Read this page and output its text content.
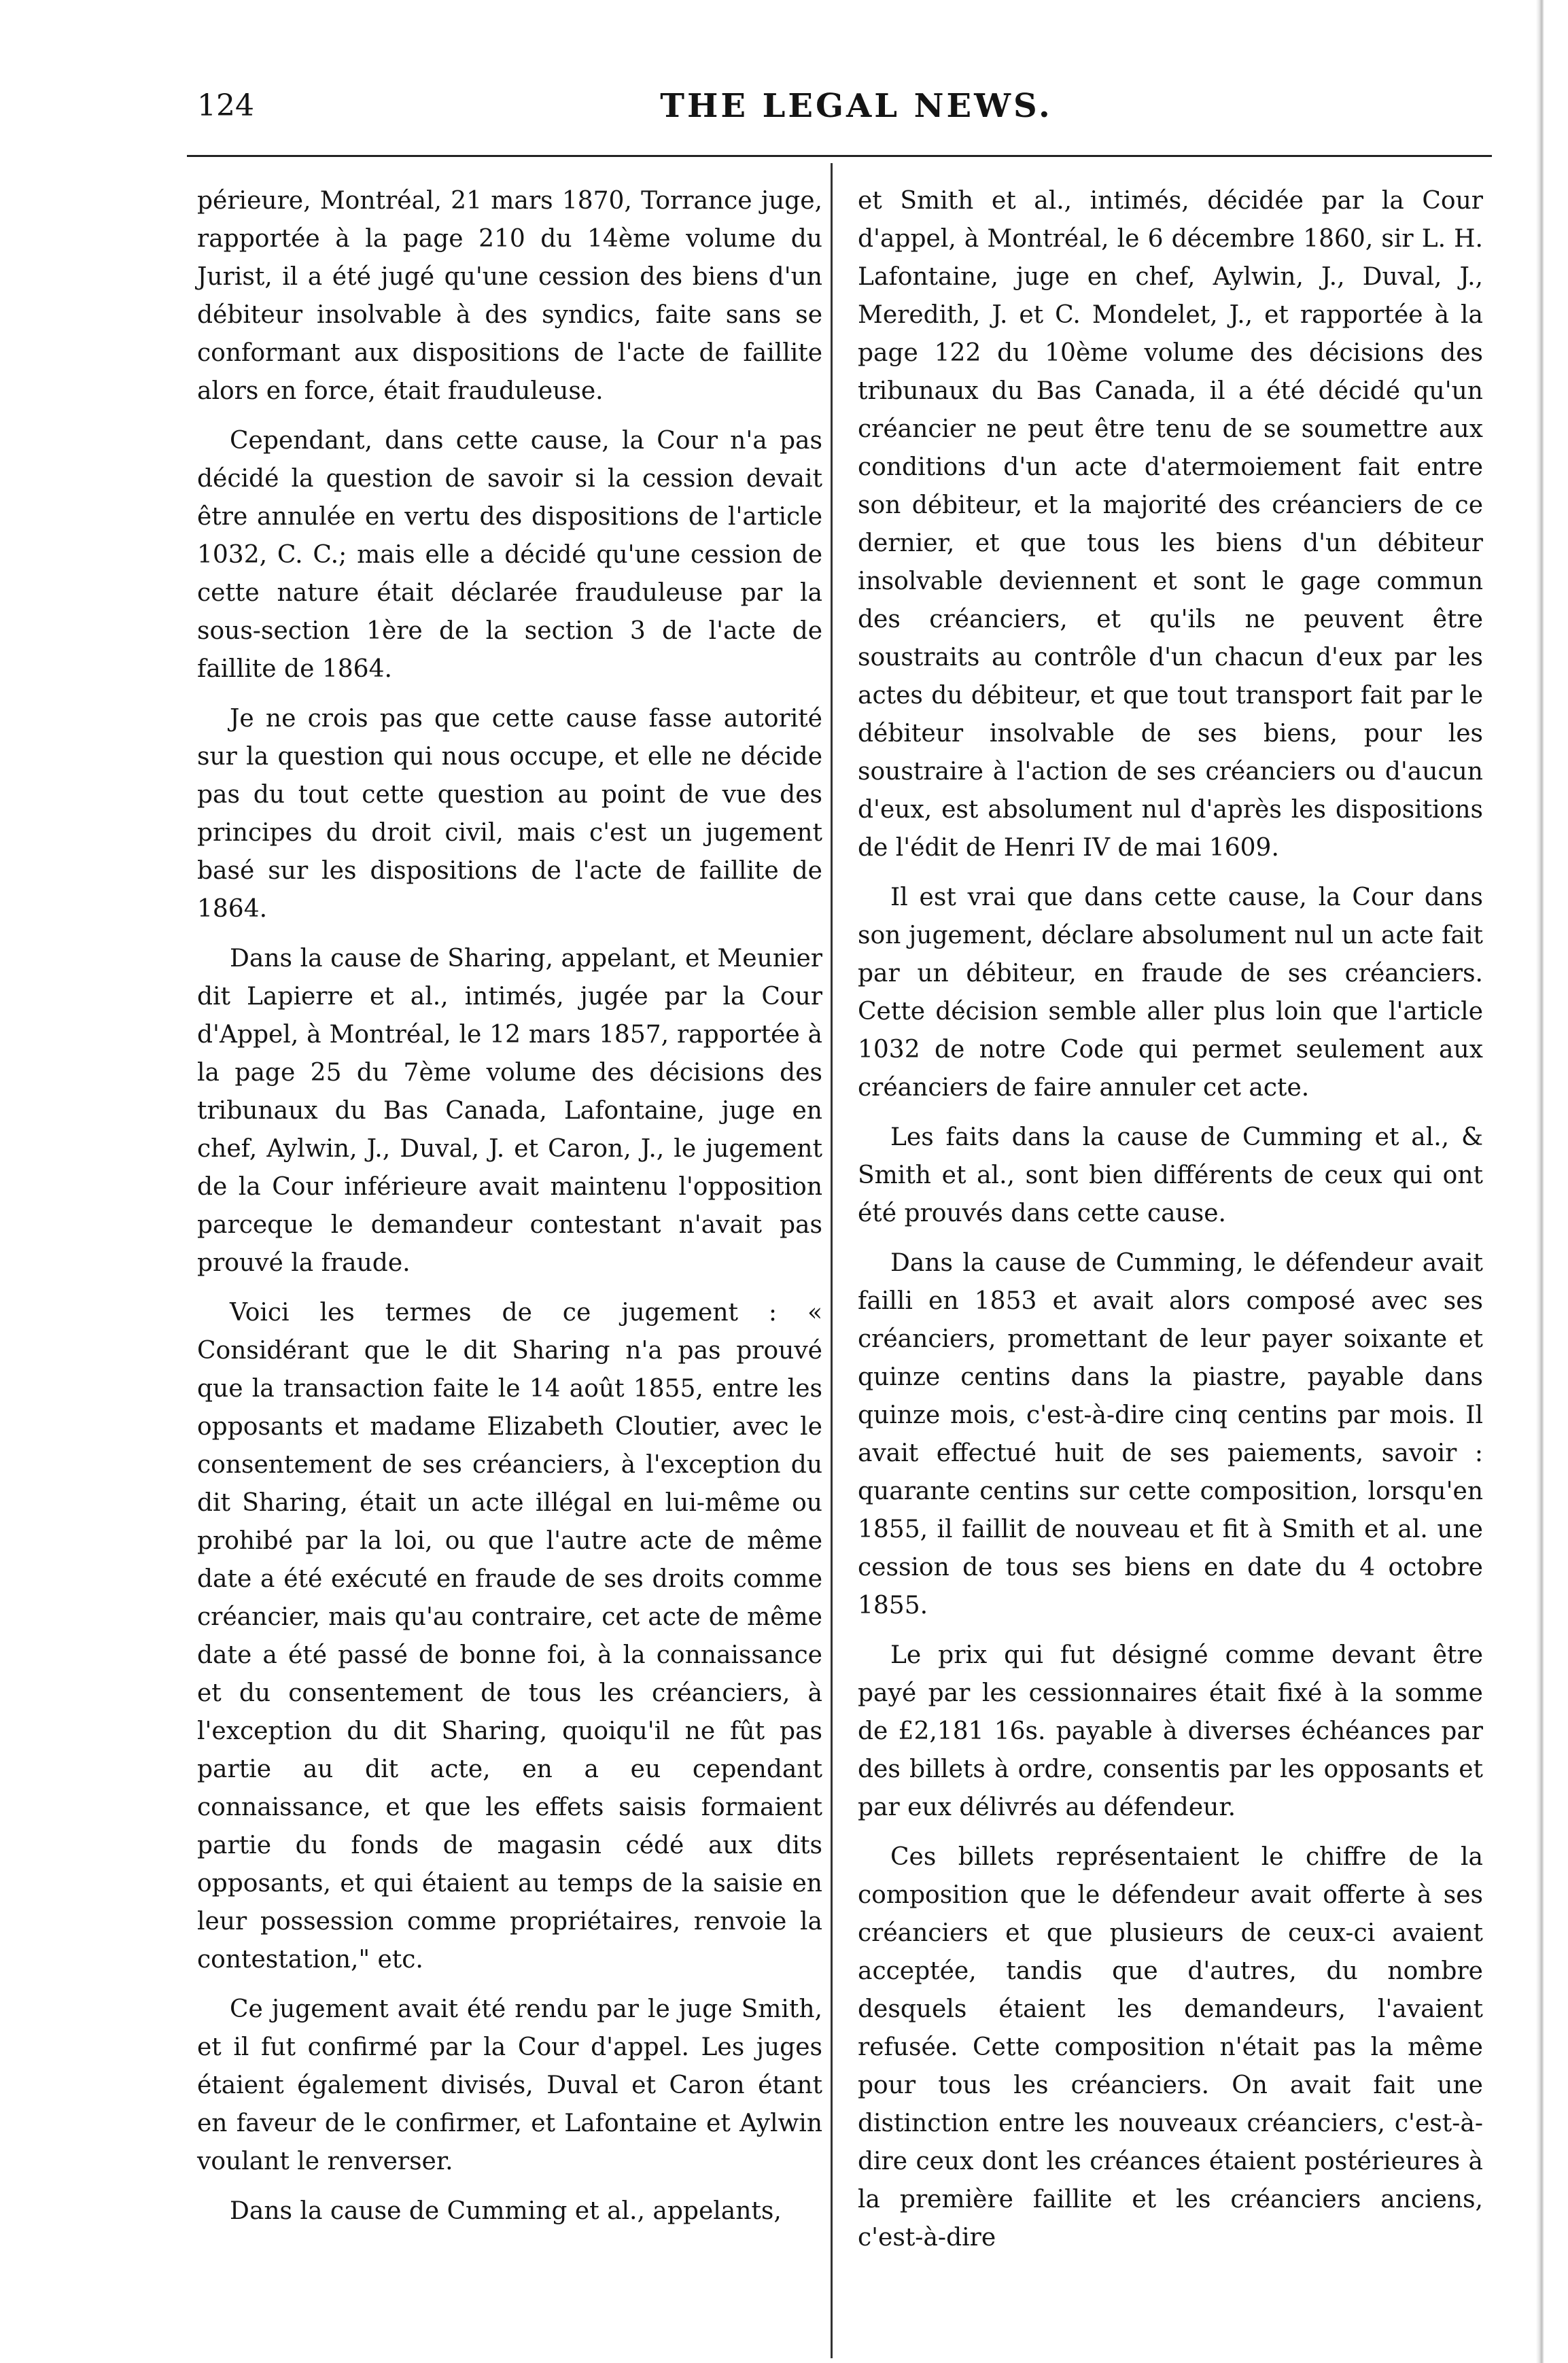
124	THE LEGAL NEWS.

périeure, Montréal, 21 mars 1870, Torrance juge, rapportée à la page 210 du 14ème volume du Jurist, il a été jugé qu'une cession des biens d'un débiteur insolvable à des syndics, faite sans se conformant aux dispositions de l'acte de faillite alors en force, était frauduleuse.

Cependant, dans cette cause, la Cour n'a pas décidé la question de savoir si la cession devait être annulée en vertu des dispositions de l'article 1032, C. C.; mais elle a décidé qu'une cession de cette nature était déclarée frauduleuse par la sous-section 1ère de la section 3 de l'acte de faillite de 1864.

Je ne crois pas que cette cause fasse autorité sur la question qui nous occupe, et elle ne décide pas du tout cette question au point de vue des principes du droit civil, mais c'est un jugement basé sur les dispositions de l'acte de faillite de 1864.

Dans la cause de Sharing, appelant, et Meunier dit Lapierre et al., intimés, jugée par la Cour d'Appel, à Montréal, le 12 mars 1857, rapportée à la page 25 du 7ème volume des décisions des tribunaux du Bas Canada, Lafontaine, juge en chef, Aylwin, J., Duval, J. et Caron, J., le jugement de la Cour inférieure avait maintenu l'opposition parceque le demandeur contestant n'avait pas prouvé la fraude.

Voici les termes de ce jugement : « Considérant que le dit Sharing n'a pas prouvé que la transaction faite le 14 août 1855, entre les opposants et madame Elizabeth Cloutier, avec le consentement de ses créanciers, à l'exception du dit Sharing, était un acte illégal en lui-même ou prohibé par la loi, ou que l'autre acte de même date a été exécuté en fraude de ses droits comme créancier, mais qu'au contraire, cet acte de même date a été passé de bonne foi, à la connaissance et du consentement de tous les créanciers, à l'exception du dit Sharing, quoiqu'il ne fût pas partie au dit acte, en a eu cependant connaissance, et que les effets saisis formaient partie du fonds de magasin cédé aux dits opposants, et qui étaient au temps de la saisie en leur possession comme propriétaires, renvoie la contestation," etc.

Ce jugement avait été rendu par le juge Smith, et il fut confirmé par la Cour d'appel. Les juges étaient également divisés, Duval et Caron étant en faveur de le confirmer, et Lafontaine et Aylwin voulant le renverser.

Dans la cause de Cumming et al., appelants,

et Smith et al., intimés, décidée par la Cour d'appel, à Montréal, le 6 décembre 1860, sir L. H. Lafontaine, juge en chef, Aylwin, J., Duval, J., Meredith, J. et C. Mondelet, J., et rapportée à la page 122 du 10ème volume des décisions des tribunaux du Bas Canada, il a été décidé qu'un créancier ne peut être tenu de se soumettre aux conditions d'un acte d'atermoiement fait entre son débiteur, et la majorité des créanciers de ce dernier, et que tous les biens d'un débiteur insolvable deviennent et sont le gage commun des créanciers, et qu'ils ne peuvent être soustraits au contrôle d'un chacun d'eux par les actes du débiteur, et que tout transport fait par le débiteur insolvable de ses biens, pour les soustraire à l'action de ses créanciers ou d'aucun d'eux, est absolument nul d'après les dispositions de l'édit de Henri IV de mai 1609.

Il est vrai que dans cette cause, la Cour dans son jugement, déclare absolument nul un acte fait par un débiteur, en fraude de ses créanciers. Cette décision semble aller plus loin que l'article 1032 de notre Code qui permet seulement aux créanciers de faire annuler cet acte.

Les faits dans la cause de Cumming et al., & Smith et al., sont bien différents de ceux qui ont été prouvés dans cette cause.

Dans la cause de Cumming, le défendeur avait failli en 1853 et avait alors composé avec ses créanciers, promettant de leur payer soixante et quinze centins dans la piastre, payable dans quinze mois, c'est-à-dire cinq centins par mois. Il avait effectué huit de ses paiements, savoir : quarante centins sur cette composition, lorsqu'en 1855, il faillit de nouveau et fit à Smith et al. une cession de tous ses biens en date du 4 octobre 1855.

Le prix qui fut désigné comme devant être payé par les cessionnaires était fixé à la somme de £2,181 16s. payable à diverses échéances par des billets à ordre, consentis par les opposants et par eux délivrés au défendeur.

Ces billets représentaient le chiffre de la composition que le défendeur avait offerte à ses créanciers et que plusieurs de ceux-ci avaient acceptée, tandis que d'autres, du nombre desquels étaient les demandeurs, l'avaient refusée. Cette composition n'était pas la même pour tous les créanciers. On avait fait une distinction entre les nouveaux créanciers, c'est-à-dire ceux dont les créances étaient postérieures à la première faillite et les créanciers anciens, c'est-à-dire
